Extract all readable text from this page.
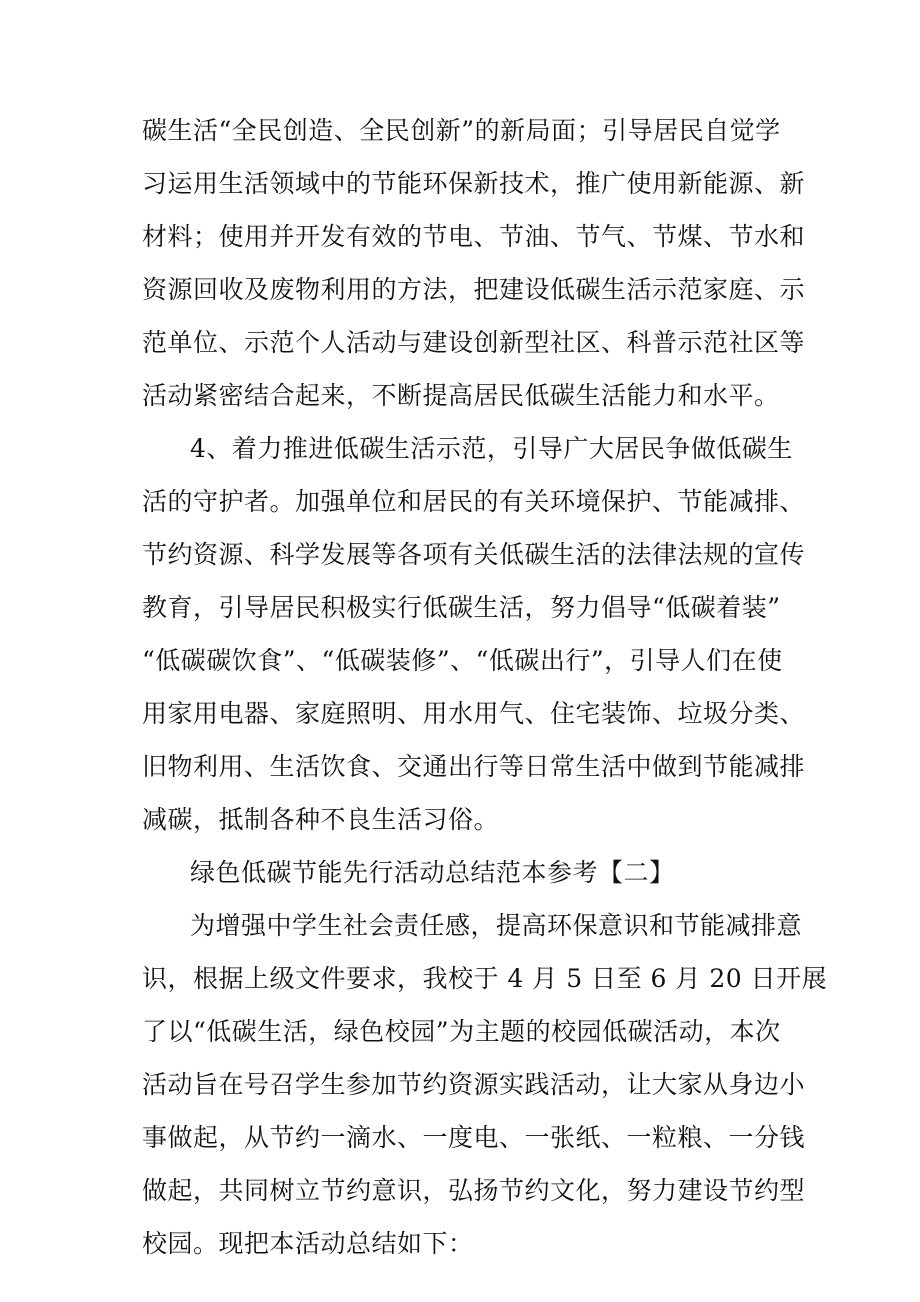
碳生活“全民创造、全民创新”的新局面；引导居民自觉学
习运用生活领域中的节能环保新技术，推广使用新能源、新
材料；使用并开发有效的节电、节油、节气、节煤、节水和
资源回收及废物利用的方法，把建设低碳生活示范家庭、示
范单位、示范个人活动与建设创新型社区、科普示范社区等
活动紧密结合起来，不断提高居民低碳生活能力和水平。
4、着力推进低碳生活示范，引导广大居民争做低碳生
活的守护者。加强单位和居民的有关环境保护、节能减排、
节约资源、科学发展等各项有关低碳生活的法律法规的宣传
教育，引导居民积极实行低碳生活，努力倡导“低碳着装”
“低碳碳饮食”、“低碳装修”、“低碳出行”，引导人们在使
用家用电器、家庭照明、用水用气、住宅装饰、垃圾分类、
旧物利用、生活饮食、交通出行等日常生活中做到节能减排
减碳，抵制各种不良生活习俗。
绿色低碳节能先行活动总结范本参考【二】
为增强中学生社会责任感，提高环保意识和节能减排意
识，根据上级文件要求，我校于 4 月 5 日至 6 月 20 日开展
了以“低碳生活，绿色校园”为主题的校园低碳活动，本次
活动旨在号召学生参加节约资源实践活动，让大家从身边小
事做起，从节约一滴水、一度电、一张纸、一粒粮、一分钱
做起，共同树立节约意识，弘扬节约文化，努力建设节约型
校园。现把本活动总结如下：
